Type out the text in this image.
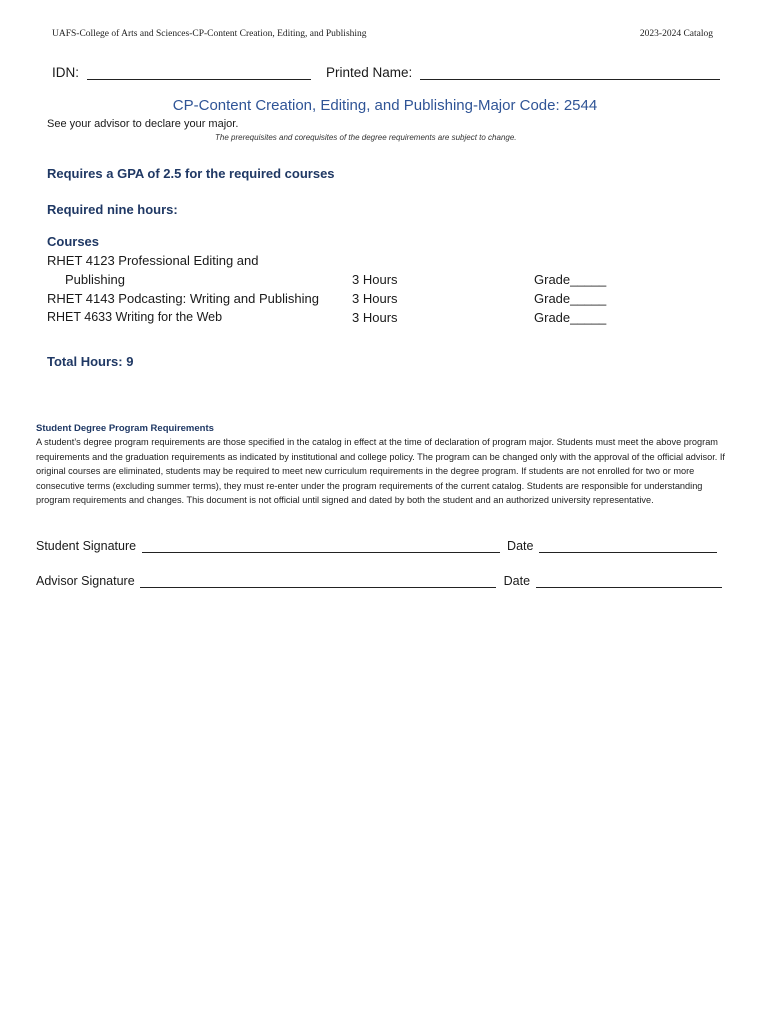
UAFS-College of Arts and Sciences-CP-Content Creation, Editing, and Publishing	2023-2024 Catalog
IDN:	Printed Name:
CP-Content Creation, Editing, and Publishing-Major Code: 2544
See your advisor to declare your major.
The prerequisites and corequisites of the degree requirements are subject to change.
Requires a GPA of 2.5 for the required courses
Required nine hours:
Courses
RHET 4123 Professional Editing and
Publishing	3 Hours	Grade_____
RHET 4143 Podcasting: Writing and Publishing	3 Hours	Grade_____
RHET 4633 Writing for the Web	3 Hours	Grade_____
Total Hours: 9
Student Degree Program Requirements
A student’s degree program requirements are those specified in the catalog in effect at the time of declaration of program major. Students must meet the above program requirements and the graduation requirements as indicated by institutional and college policy. The program can be changed only with the approval of the official advisor. If original courses are eliminated, students may be required to meet new curriculum requirements in the degree program. If students are not enrolled for two or more consecutive terms (excluding summer terms), they must re-enter under the program requirements of the current catalog. Students are responsible for understanding program requirements and changes. This document is not official until signed and dated by both the student and an authorized university representative.
Student Signature	Date
Advisor Signature	Date
